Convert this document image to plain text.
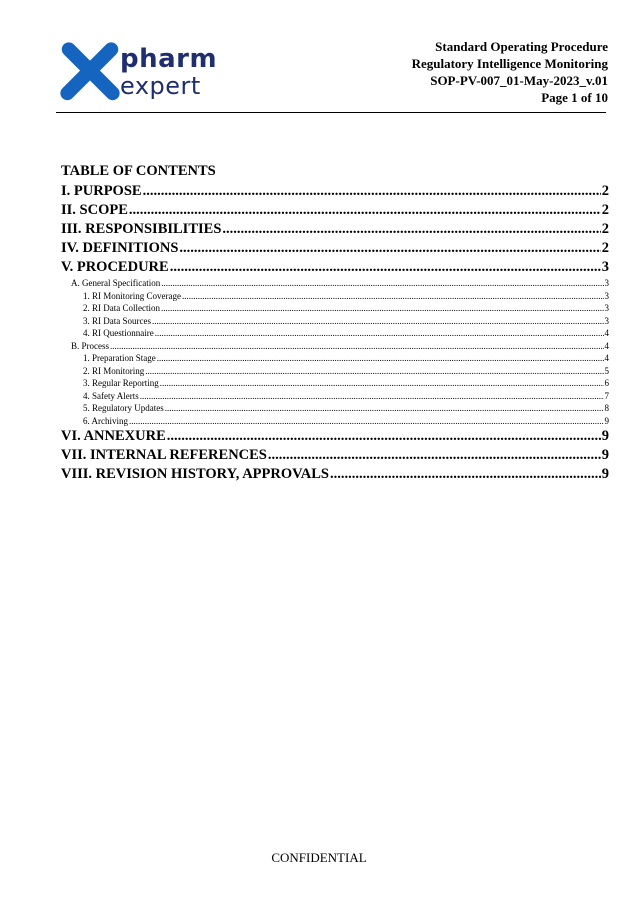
pharm
expert
Standard Operating Procedure
Regulatory Intelligence Monitoring
SOP-PV-007_01-May-2023_v.01
Page 1 of 10
TABLE OF CONTENTS
I. PURPOSE .....	2
II. SCOPE .....	2
III. RESPONSIBILITIES .....	2
IV. DEFINITIONS .....	2
V. PROCEDURE .....	3
A. General Specification .....	3
1. RI Monitoring Coverage .....	3
2. RI Data Collection .....	3
3. RI Data Sources .....	3
4. RI Questionnaire .....	4
B. Process .....	4
1. Preparation Stage .....	4
2. RI Monitoring .....	5
3. Regular Reporting .....	6
4. Safety Alerts .....	7
5. Regulatory Updates .....	8
6. Archiving .....	9
VI. ANNEXURE .....	9
VII. INTERNAL REFERENCES .....	9
VIII. REVISION HISTORY, APPROVALS .....	9
CONFIDENTIAL
